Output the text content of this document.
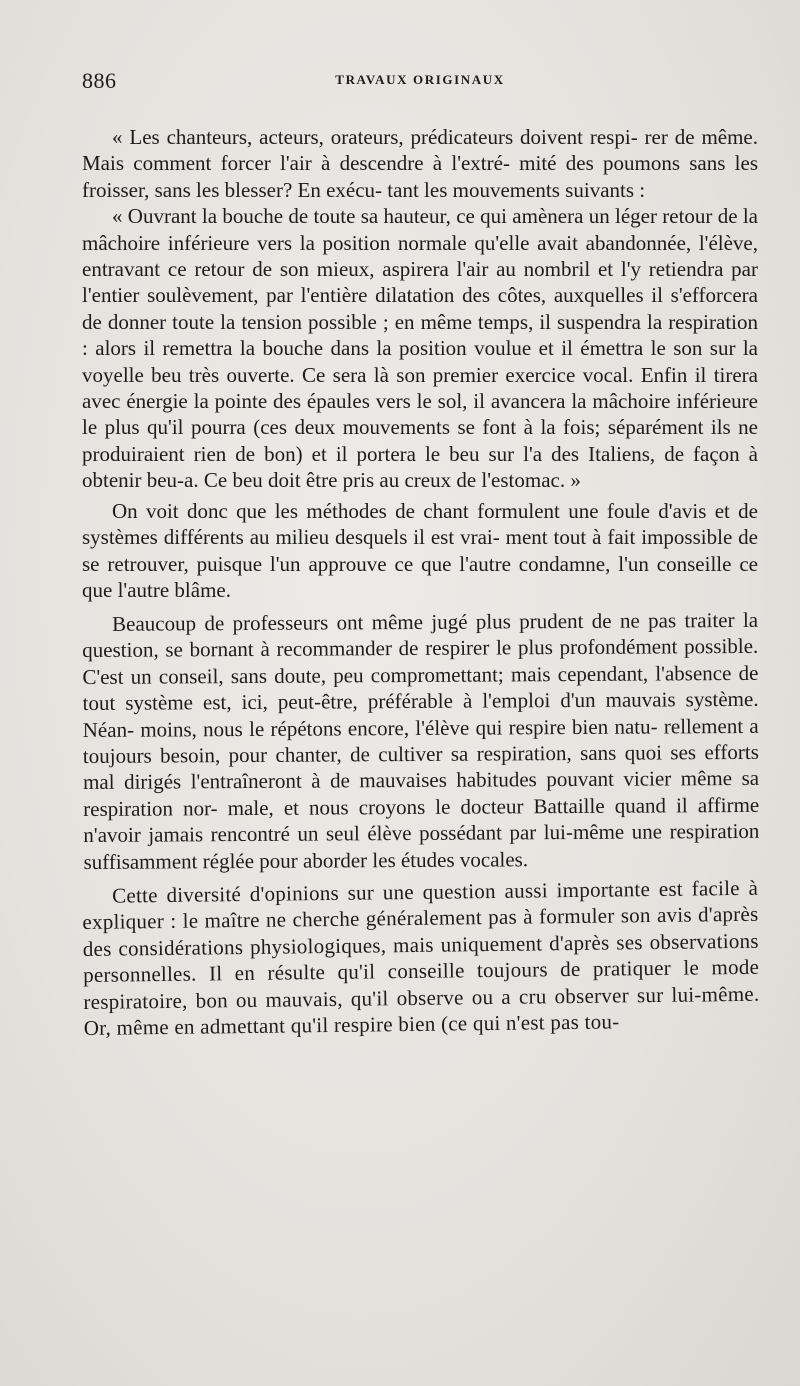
886	TRAVAUX ORIGINAUX

« Les chanteurs, acteurs, orateurs, prédicateurs doivent respi- rer de même. Mais comment forcer l'air à descendre à l'extré- mité des poumons sans les froisser, sans les blesser? En exécu- tant les mouvements suivants :

« Ouvrant la bouche de toute sa hauteur, ce qui amènera un léger retour de la mâchoire inférieure vers la position normale qu'elle avait abandonnée, l'élève, entravant ce retour de son mieux, aspirera l'air au nombril et l'y retiendra par l'entier soulèvement, par l'entière dilatation des côtes, auxquelles il s'efforcera de donner toute la tension possible ; en même temps, il suspendra la respiration : alors il remettra la bouche dans la position voulue et il émettra le son sur la voyelle beu très ouverte. Ce sera là son premier exercice vocal. Enfin il tirera avec énergie la pointe des épaules vers le sol, il avancera la mâchoire inférieure le plus qu'il pourra (ces deux mouvements se font à la fois; séparément ils ne produiraient rien de bon) et il portera le beu sur l'a des Italiens, de façon à obtenir beu-a. Ce beu doit être pris au creux de l'estomac. »

On voit donc que les méthodes de chant formulent une foule d'avis et de systèmes différents au milieu desquels il est vrai- ment tout à fait impossible de se retrouver, puisque l'un approuve ce que l'autre condamne, l'un conseille ce que l'autre blâme.

Beaucoup de professeurs ont même jugé plus prudent de ne pas traiter la question, se bornant à recommander de respirer le plus profondément possible. C'est un conseil, sans doute, peu compromettant; mais cependant, l'absence de tout système est, ici, peut-être, préférable à l'emploi d'un mauvais système. Néan- moins, nous le répétons encore, l'élève qui respire bien natu- rellement a toujours besoin, pour chanter, de cultiver sa respiration, sans quoi ses efforts mal dirigés l'entraîneront à de mauvaises habitudes pouvant vicier même sa respiration nor- male, et nous croyons le docteur Battaille quand il affirme n'avoir jamais rencontré un seul élève possédant par lui-même une respiration suffisamment réglée pour aborder les études vocales.

Cette diversité d'opinions sur une question aussi importante est facile à expliquer : le maître ne cherche généralement pas à formuler son avis d'après des considérations physiologiques, mais uniquement d'après ses observations personnelles. Il en résulte qu'il conseille toujours de pratiquer le mode respiratoire, bon ou mauvais, qu'il observe ou a cru observer sur lui-même. Or, même en admettant qu'il respire bien (ce qui n'est pas tou-
